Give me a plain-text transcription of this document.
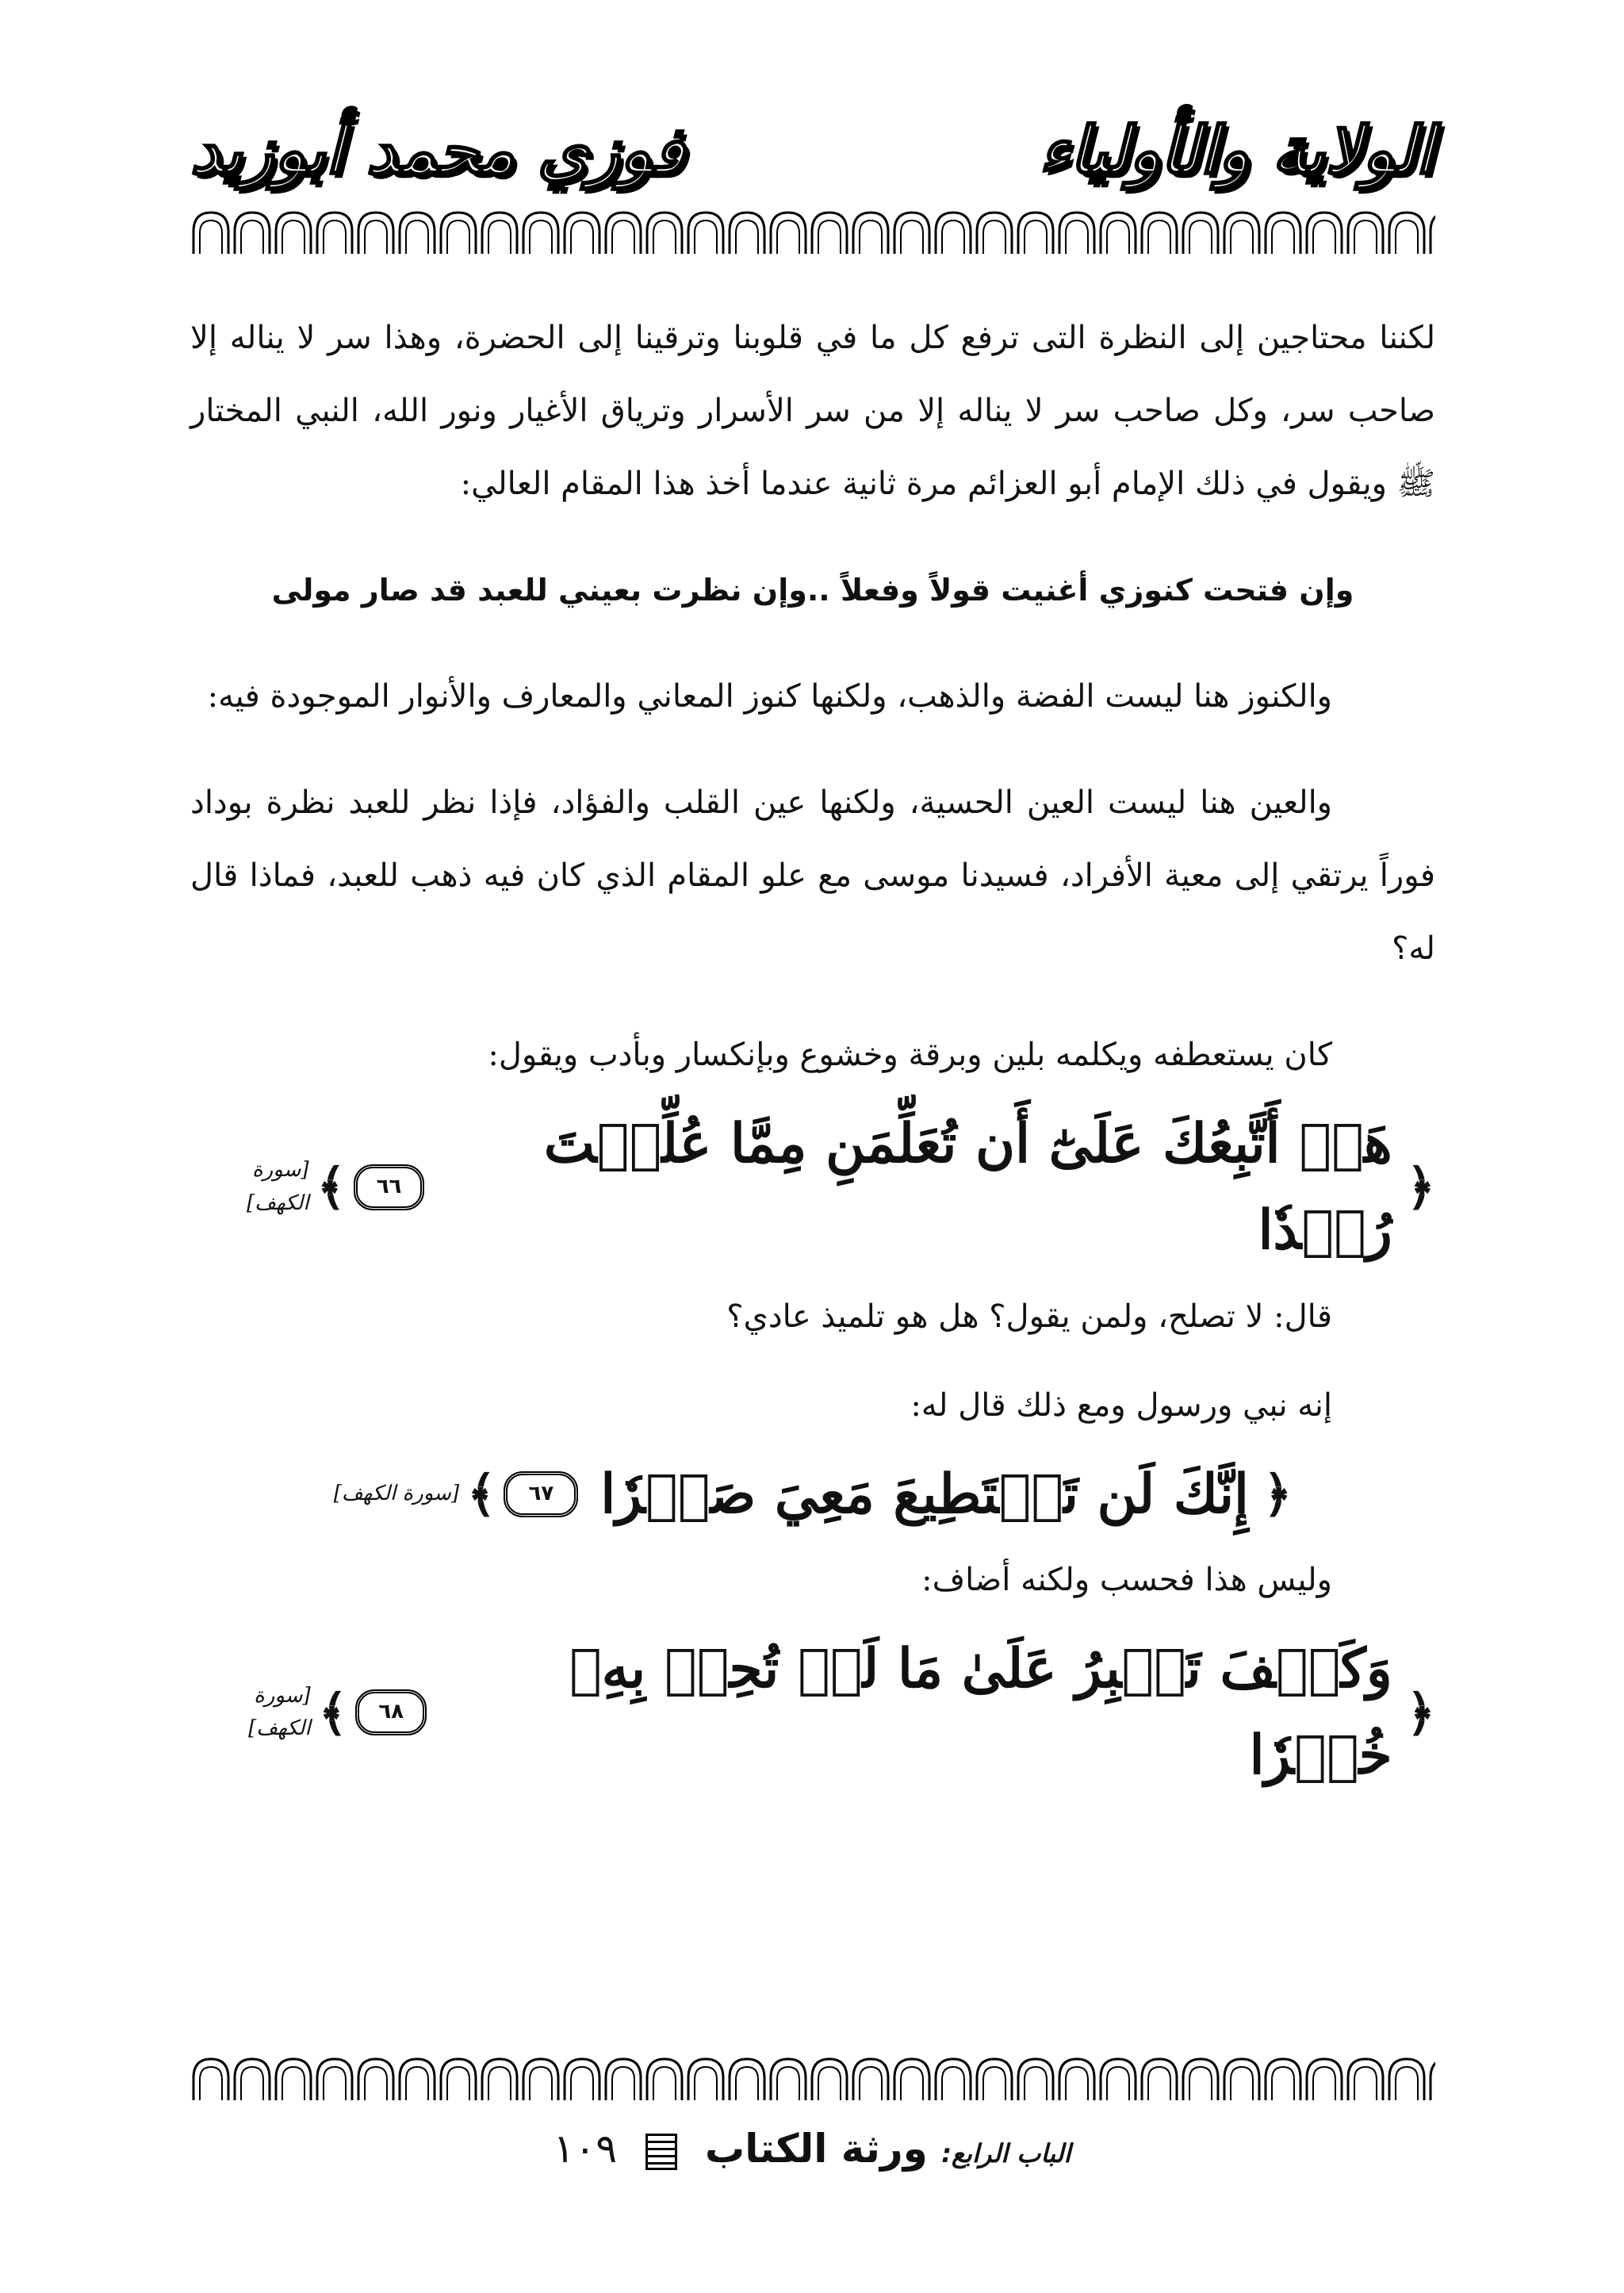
الولاية والأولياء
فوزي محمد أبوزيد

لكننا محتاجين إلى النظرة التى ترفع كل ما في قلوبنا وترقينا إلى الحضرة، وهذا سر لا يناله إلا صاحب سر، وكل صاحب سر لا يناله إلا من سر الأسرار وترياق الأغيار ونور الله، النبي المختار ﷺ ويقول في ذلك الإمام أبو العزائم مرة ثانية عندما أخذ هذا المقام العالي:

وإن فتحت كنوزي أغنيت قولاً وفعلاً ..وإن نظرت بعيني للعبد قد صار مولى

والكنوز هنا ليست الفضة والذهب، ولكنها كنوز المعاني والمعارف والأنوار الموجودة فيه:

والعين هنا ليست العين الحسية، ولكنها عين القلب والفؤاد، فإذا نظر للعبد نظرة بوداد فوراً يرتقي إلى معية الأفراد، فسيدنا موسى مع علو المقام الذي كان فيه ذهب للعبد، فماذا قال له؟

كان يستعطفه ويكلمه بلين وبرقة وخشوع وبإنكسار وبأدب ويقول:

﴿
هَلۡ أَتَّبِعُكَ عَلَىٰٓ أَن تُعَلِّمَنِ مِمَّا عُلِّمۡتَ رُشۡدٗا
٦٦
﴾
[سورة الكهف]

قال: لا تصلح، ولمن يقول؟ هل هو تلميذ عادي؟

إنه نبي ورسول ومع ذلك قال له:

﴿
إِنَّكَ لَن تَسۡتَطِيعَ مَعِيَ صَبۡرٗا
٦٧
﴾
[سورة الكهف]

وليس هذا فحسب ولكنه أضاف:

﴿
وَكَيۡفَ تَصۡبِرُ عَلَىٰ مَا لَمۡ تُحِطۡ بِهِۦ خُبۡرٗا
٦٨
﴾
[سورة الكهف]
الباب الرابع: ورثة الكتاب  ١٠٩
